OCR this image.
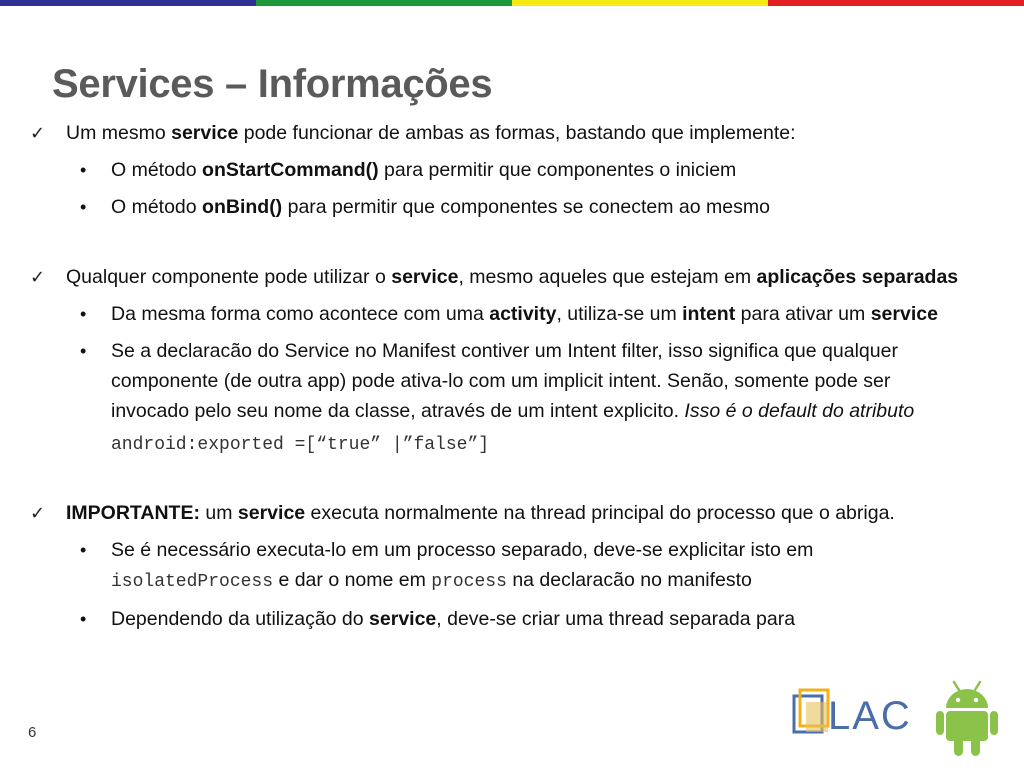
Services – Informações
✓	Um mesmo service pode funcionar de ambas as formas, bastando que implemente:
• O método onStartCommand() para permitir que componentes o iniciem
• O método onBind() para permitir que componentes se conectem ao mesmo
✓	Qualquer componente pode utilizar o service, mesmo aqueles que estejam em aplicações separadas
• Da mesma forma como acontece com uma activity, utiliza-se um intent para ativar um service
• Se a declaracão do Service no Manifest contiver um Intent filter, isso significa que qualquer componente (de outra app) pode ativa-lo com um implicit intent. Senão, somente pode ser invocado pelo seu nome da classe, através de um intent explicito. Isso é o default do atributo android:exported =[“true” |”false”]
✓	IMPORTANTE: um service executa normalmente na thread principal do processo que o abriga.
• Se é necessário executa-lo em um processo separado, deve-se explicitar isto em isolatedProcess e dar o nome em process na declaracão no manifesto
• Dependendo da utilização do service, deve-se criar uma thread separada para
6	LAC
